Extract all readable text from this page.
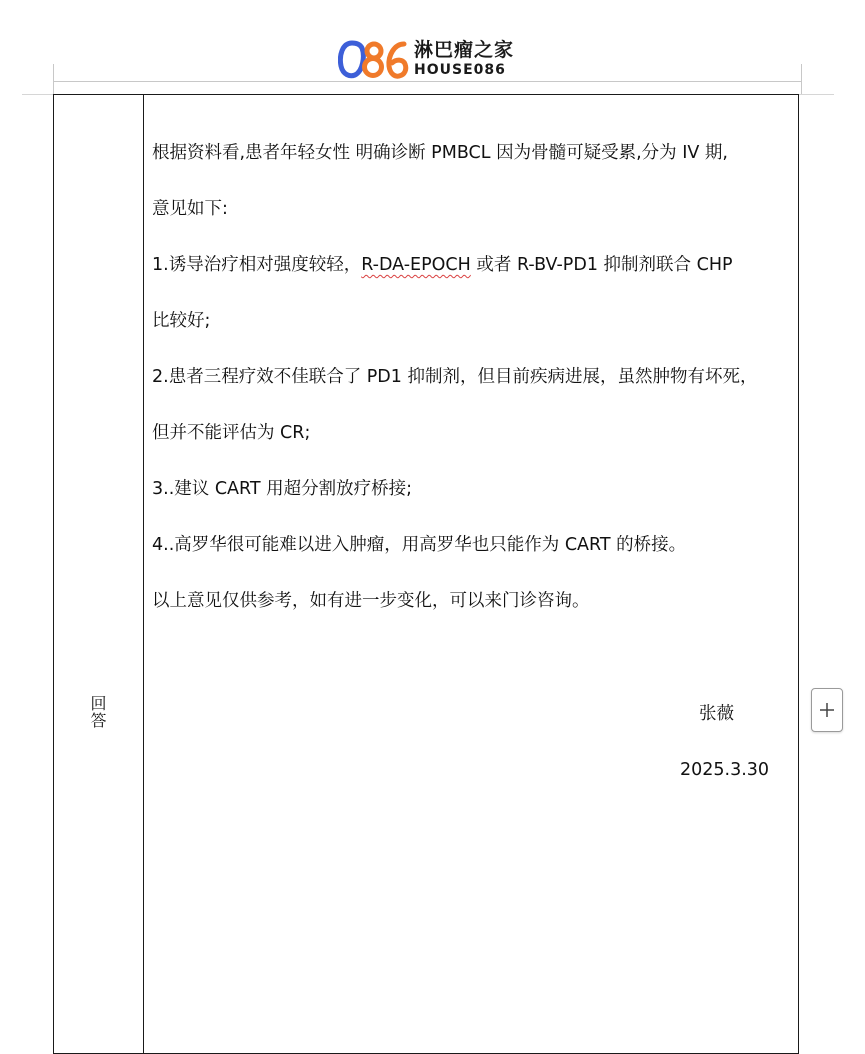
淋巴瘤之家
HOUSE086
回
答
根据资料看,患者年轻女性 明确诊断 PMBCL 因为骨髓可疑受累,分为 IV 期,
意见如下:
1.诱导治疗相对强度较轻，R-DA-EPOCH 或者 R-BV-PD1 抑制剂联合 CHP
比较好;
2.患者三程疗效不佳联合了 PD1 抑制剂，但目前疾病进展，虽然肿物有坏死，
但并不能评估为 CR;
3..建议 CART 用超分割放疗桥接;
4..高罗华很可能难以进入肿瘤，用高罗华也只能作为 CART 的桥接。
以上意见仅供参考，如有进一步变化，可以来门诊咨询。
张薇
2025.3.30
